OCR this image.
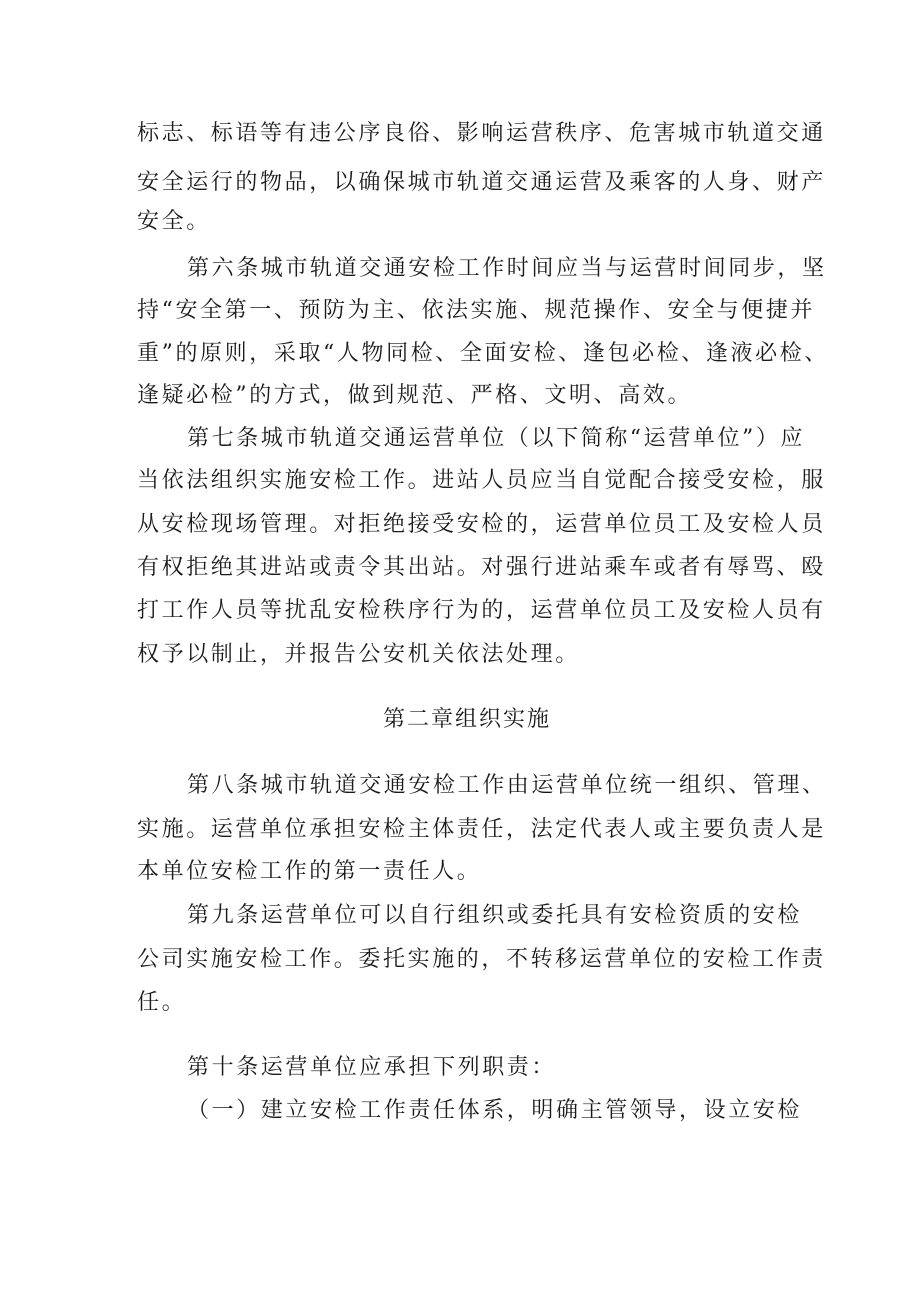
标志、标语等有违公序良俗、影响运营秩序、危害城市轨道交通
安全运行的物品，以确保城市轨道交通运营及乘客的人身、财产
安全。
第六条城市轨道交通安检工作时间应当与运营时间同步，坚
持“安全第一、预防为主、依法实施、规范操作、安全与便捷并
重”的原则，采取“人物同检、全面安检、逢包必检、逢液必检、
逢疑必检”的方式，做到规范、严格、文明、高效。
第七条城市轨道交通运营单位（以下简称“运营单位”）应
当依法组织实施安检工作。进站人员应当自觉配合接受安检，服
从安检现场管理。对拒绝接受安检的，运营单位员工及安检人员
有权拒绝其进站或责令其出站。对强行进站乘车或者有辱骂、殴
打工作人员等扰乱安检秩序行为的，运营单位员工及安检人员有
权予以制止，并报告公安机关依法处理。
第二章组织实施
第八条城市轨道交通安检工作由运营单位统一组织、管理、
实施。运营单位承担安检主体责任，法定代表人或主要负责人是
本单位安检工作的第一责任人。
第九条运营单位可以自行组织或委托具有安检资质的安检
公司实施安检工作。委托实施的，不转移运营单位的安检工作责
任。
第十条运营单位应承担下列职责：
（一）建立安检工作责任体系，明确主管领导，设立安检
